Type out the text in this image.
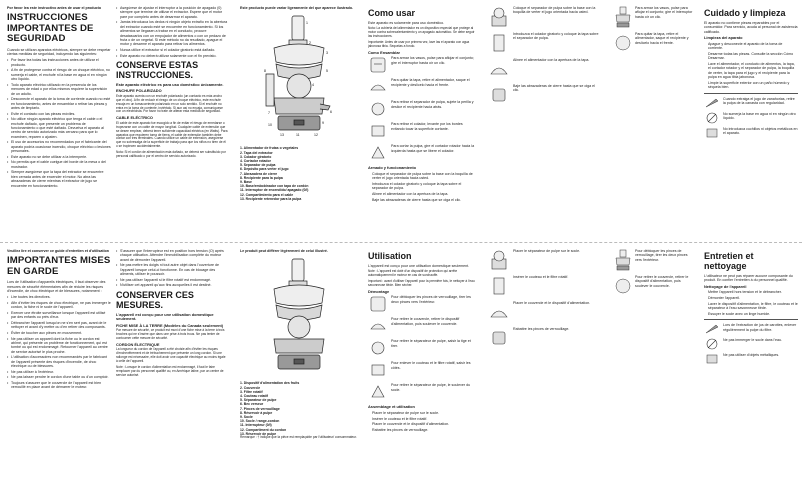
Por favor lea este instructivo antes de usar el producto
INSTRUCCIONES IMPORTANTES DE SEGURIDAD
Cuando se utilizan aparatos eléctricos, siempre se debe respetar ciertas medidas de seguridad, incluyendo las siguientes:
• Por favor lea todas las instrucciones antes de utilizar el producto.
• A fin de protegerse contra el riesgo de un choque eléctrico, no sumerja el cable, el enchufe ni la base en agua ni en ningún otro líquido.
• Todo aparato eléctrico utilizado en la presencia de los menores de edad o por ellos mismos requiere la supervisión de un adulto.
• Desconecte el aparato de la toma de corriente cuando no esté en funcionamiento, antes de ensamblar o retirar las piezas y antes de limpiarlo.
• Evite el contacto con las piezas móviles.
• No utilice ningún aparato eléctrico que tenga el cable o el enchufe dañado, que presente un problema de funcionamiento o que esté dañado. Devuelva el aparato al centro de servicio autorizado más cercano para que lo examinen, reparen o ajusten.
• El uso de accesorios no recomendados por el fabricante del aparato podría ocasionar incendio, choque eléctrico o lesiones personales.
• Este aparato no se debe utilizar a la intemperie.
• No permita que el cable cuelgue del borde de la mesa o del mostrador.
• Siempre asegúrese que la tapa del extractor se encuentre bien cerrada antes de encender el motor. No abra las abrazaderas de cierre mientras el extractor de jugo se encuentre en funcionamiento.
• Asegúrese de ajustar el interruptor a la posición de apagado (0) siempre que termine de utilizar el extractor. Espere que el motor pare por completo antes de desarmar el aparato.
• Jamás introduzca los dedos ni ningún objeto extraño en la abertura del extractor cuando esté se encuentre en funcionamiento. Si los alimentos se llegasen a trabar en el conducto, procure desatascarlos con un empujador de alimentos o con un pedazo de fruta o de un vegetal. Si este método no da resultado, apague el motor y desarme el aparato para retirar los alimentos.
• Nunca utilice el extractor si el colador giratorio está dañado.
• Este aparato no deberá utilizar solamente con el fin previsto.
CONSERVE ESTAS INSTRUCCIONES.
Este aparato eléctrico es para uso doméstico únicamente.
ENCHUFE POLARIZADO
Este aparato cuenta con un enchufe polarizado (un contacto es más ancho que el otro). A fin de reducir el riesgo de un choque eléctrico, este enchufe encaja en un tomacorriente polarizado en un solo sentido. Si el enchufe no entra en la toma de corriente, inviértalo. Si aun así no encaja, comuníquese con un electricista. Por favor no trate de alterar esta medida de seguridad.
CABLE ELÉCTRICO
El cable de este aparato fue escogido a fin de evitar el riesgo de enredarse o tropezarse con un cable de mayor longitud. Cualquier cable de extensión que se desee emplear, deberá tener suficiente capacidad eléctrica (en Watts). Para aparatos que requieren toma de tierra, el cable de extensión también debe contar con tres terminales. Cuando utilice un cable de extensión, asegúrese que no sobresalga de la superficie de trabajo para que los niños no tiren de él o se tropiecen accidentalmente.
Nota: Si el cordón de alimentación esta dañado, se deberá ser substituido por personal calificado o por el centro de servicio autorizado.
Este producto puede variar ligeramente del que aparece ilustrado.
1
2
3
4
5
6
7
8
9
10
11	12
13
1. Alimentador de frutas o vegetales
2. Tapa del extractor
3. Colador giratorio
4. Cortador rotador
5. Separador de pulpa
6. Depósito para verter el jugo
7. Abrazadera de cierre
8. Recipiente para la pulpa
9. Base
10. Base/embobinador con tapa de cordón
11. Interruptor de encendido/ apagado (0/I)
12. Compartimiento para el cable
13. Recipiente retenedor para la pulpa
Como usar
Este aparato es solamente para uso doméstico.
Nota: La cubierta del alimentador es un dispositivo especial que protege al motor contra sobrecalentamiento y un apagado automático. Se debe seguir las instrucciones.
Importante: Antes de usar por primera vez, lave las el aparato con agua jabonosa tibia. Sequelas a fondo.
Como Ensamblar
Para armar los vasos, pulse para aflojar el conjunto; gire el interruptor hasta oír un clic.
Para quitar la tapa, retire el alimentador, saque el recipiente y deslícelo hacia el frente.
Para retirar el separador de pulpa, sujete la perilla y deslice el recipiente hacia atrás.
Para retirar el colador, levante por los bordes evitando tocar la superficie cortante.
Para cortar la pulpa, gire el cortador rotador hacia la izquierda hasta que se libere el colador.
Armado y funcionamiento
Coloque el separador de pulpa sobre la base con la boquilla de verter el jugo orientada hacia usted.
Introduzca el colador giratorio y coloque la tapa sobre el separador de pulpa.
Alinee el alimentador con la apertura de la tapa.
Baje las abrazaderas de cierre hasta que se oiga el clic.
Coloque el separador de pulpa sobre la base con la boquilla de verter el jugo orientada hacia usted.
Introduzca el colador giratorio y coloque la tapa sobre el separador de pulpa.
Alinee el alimentador con la apertura de la tapa.
Baje las abrazaderas de cierre hasta que se oiga el clic.
Para armar los vasos, pulse para aflojar el conjunto; gire el interruptor hasta oír un clic.
Para quitar la tapa, retire el alimentador, saque el recipiente y deslícelo hacia el frente.
Cuidado y limpieza
El aparato no contiene piezas reparables por el consumidor. Para servicio, acuda al personal de asistencia calificado.
Limpieza del aparato
Apague y desconecte el aparato de la toma de corriente.
Desarme todas las piezas. Consulte la sección Cómo Desarmar.
Lave el alimentador, el conducto de alimentos, la tapa, el cortador rotador y el separador de pulpa, la boquilla de verter, la tapa para el jugo y el recipiente para la pulpa en agua tibia jabonosa.
Limpie la superficie exterior con un paño húmedo y séquela bien.
Cuando extraiga el jugo de zanahorias, retire la pulpa de la canasta con regularidad.
No sumerja la base en agua ni en ningún otro líquido.
No introduzca cuchillos ni objetos metálicos en el aparato.
Veuillez lire et conserver ce guide d'entretien et d'utilisation
IMPORTANTES MISES EN GARDE
Lors de l'utilisation d'appareils électriques, il faut observer des mesures de sécurité élémentaires afin de réduire les risques d'incendie, de choc électrique et de blessures, notamment :
• Lire toutes les directives.
• Afin d'éviter les risques de choc électrique, ne pas immerger le cordon, la fiche ni le socle de l'appareil.
• Exercer une étroite surveillance lorsque l'appareil est utilisé par des enfants ou près d'eux.
• Débrancher l'appareil lorsqu'on ne s'en sert pas, avant de le nettoyer et avant d'y mettre ou d'en retirer des composants.
• Éviter de toucher aux pièces en mouvement.
• Ne pas utiliser un appareil dont la fiche ou le cordon est abîmé, qui présente un problème de fonctionnement, qui est tombé ou qui est endommagé. Retourner l'appareil au centre de service autorisé le plus proche.
• L'utilisation d'accessoires non recommandés par le fabricant de l'appareil présente des risques d'incendie, de choc électrique ou de blessures.
• Ne pas utiliser à l'extérieur.
• Ne pas laisser pendre le cordon d'une table ou d'un comptoir.
• Toujours s'assurer que le couvercle de l'appareil est bien verrouillé en place avant de démarrer le moteur.
• S'assurer que l'interrupteur est en position hors tension (O) après chaque utilisation. Attendre l'immobilisation complète du moteur avant de démonter l'appareil.
• Ne pas mettre les doigts ni tout autre objet dans l'ouverture de l'appareil lorsque celui-ci fonctionne. En cas de blocage des aliments, utiliser le poussoir.
• Ne pas utiliser l'appareil si le filtre rotatif est endommagé.
• N'utiliser cet appareil qu'aux fins auxquelles il est destiné.
CONSERVER CES MESURES.
L'appareil est conçu pour une utilisation domestique seulement.
FICHE MISE À LA TERRE (Modèles du Canada seulement)
Par mesure de sécurité, ce produit est muni d'une fiche mise à la terre à trois broches qui ne s'insère que dans une prise à trois trous. Ne pas tenter de contourner cette mesure de sécurité.
CORDON ÉLECTRIQUE
La longueur du cordon de l'appareil a été choisie afin d'éviter les risques d'enchevêtrement et de trébuchement que présente un long cordon. Si une rallonge est nécessaire, elle doit avoir une capacité électrique au moins égale à celle de l'appareil.
Note : Lorsque le cordon d'alimentation est endommagé, il faut le faire remplacer par du personnel qualifié ou, en Amérique latine, par un centre de service autorisé.
Le produit peut différer légèrement de celui illustré.
1. Dispositif d'alimentation des fruits
2. Couvercle
3. Filtre rotatif
4. Couteau rotatif
5. Séparateur de pulpe
6. Bec verseur
7. Pinces de verrouillage
8. Réservoir à pulpe
9. Socle
10. Socle / range-cordon
11. Interrupteur (0/I)
12. Compartiment du cordon
13. Réservoir de pulpe
Remarque : † indique que la pièce est remplaçable par l'utilisateur/ consommateur.
Utilisation
L'appareil est conçu pour une utilisation domestique seulement.
Note : L'appareil est doté d'un dispositif de protection qui arrête automatiquement le moteur en cas de surchauffe.
Important : avant d'utiliser l'appareil pour la première fois, le nettoyer à l'eau savonneuse tiède. Bien sécher.
Démontage
Pour débloquer les pinces de verrouillage, tirer les deux pinces vers l'extérieur.
Pour retirer le couvercle, retirer le dispositif d'alimentation, puis soulever le couvercle.
Pour retirer le séparateur de pulpe, saisir la tige et tirer.
Pour enlever le couteau et le filtre rotatif, saisir les côtés.
Pour retirer le séparateur de pulpe, le soulever du socle.
Assemblage et utilisation
Placer le séparateur de pulpe sur le socle.
Insérer le couteau et le filtre rotatif.
Placer le couvercle et le dispositif d'alimentation.
Rabattre les pinces de verrouillage.
Placer le séparateur de pulpe sur le socle.
Insérer le couteau et le filtre rotatif.
Placer le couvercle et le dispositif d'alimentation.
Rabattre les pinces de verrouillage.
Pour débloquer les pinces de verrouillage, tirer les deux pinces vers l'extérieur.
Pour retirer le couvercle, retirer le dispositif d'alimentation, puis soulever le couvercle.
Entretien et nettoyage
L'utilisateur ne peut pas réparer aucune composante du produit. En confier l'entretien à du personnel qualifié.
Nettoyage de l'appareil
Mettre l'appareil hors tension et le débrancher.
Démonter l'appareil.
Laver le dispositif d'alimentation, le filtre, le couteau et le séparateur à l'eau savonneuse tiède.
Essuyer le socle avec un linge humide.
Lors de l'extraction de jus de carottes, enlever régulièrement la pulpe du filtre.
Ne pas immerger le socle dans l'eau.
Ne pas utiliser d'objets métalliques.
